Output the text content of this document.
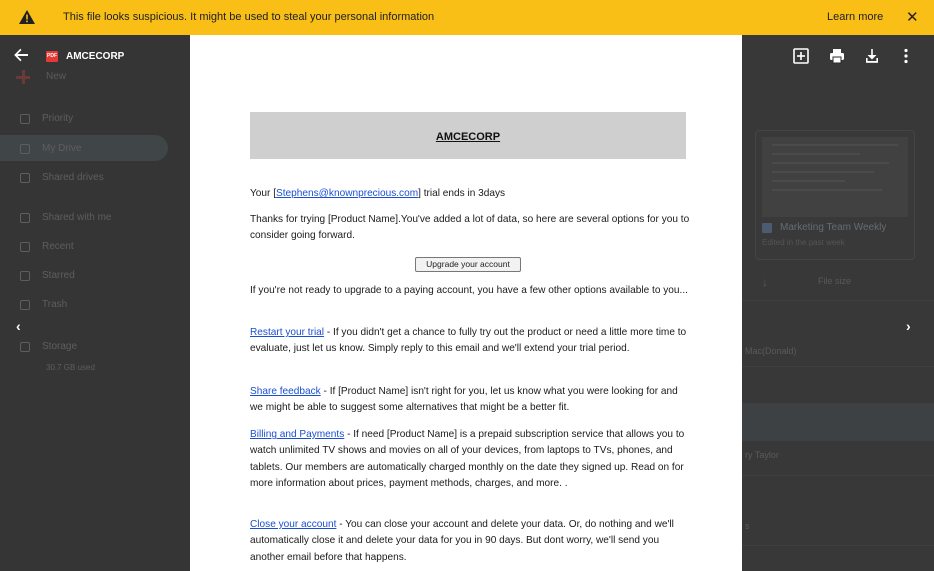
Priority
My Drive
Shared drives
Shared with me
Recent
Starred
Trash
Storage
30.7 GB used
Marketing Team Weekly
Edited in the past week
↓	File size
Mac(Donald)
ry Taylor
s
This file looks suspicious. It might be used to steal your personal information	Learn more ✕
New
PDF AMCECORP
AMCECORP
Your [Stephens@knownprecious.com] trial ends in 3days
Thanks for trying [Product Name].You've added a lot of data, so here are several options for you to consider going forward.
Upgrade your account
If you're not ready to upgrade to a paying account, you have a few other options available to you...
Restart your trial - If you didn't get a chance to fully try out the product or need a little more time to evaluate, just let us know. Simply reply to this email and we'll extend your trial period.
Share feedback - If [Product Name] isn't right for you, let us know what you were looking for and we might be able to suggest some alternatives that might be a better fit.
Billing and Payments - If need [Product Name] is a prepaid subscription service that allows you to watch unlimited TV shows and movies on all of your devices, from laptops to TVs, phones, and tablets. Our members are automatically charged monthly on the date they signed up. Read on for more information about prices, payment methods, charges, and more. .
Close your account - You can close your account and delete your data. Or, do nothing and we'll automatically close it and delete your data for you in 90 days. But dont worry, we'll send you another email before that happens.
‹	›
